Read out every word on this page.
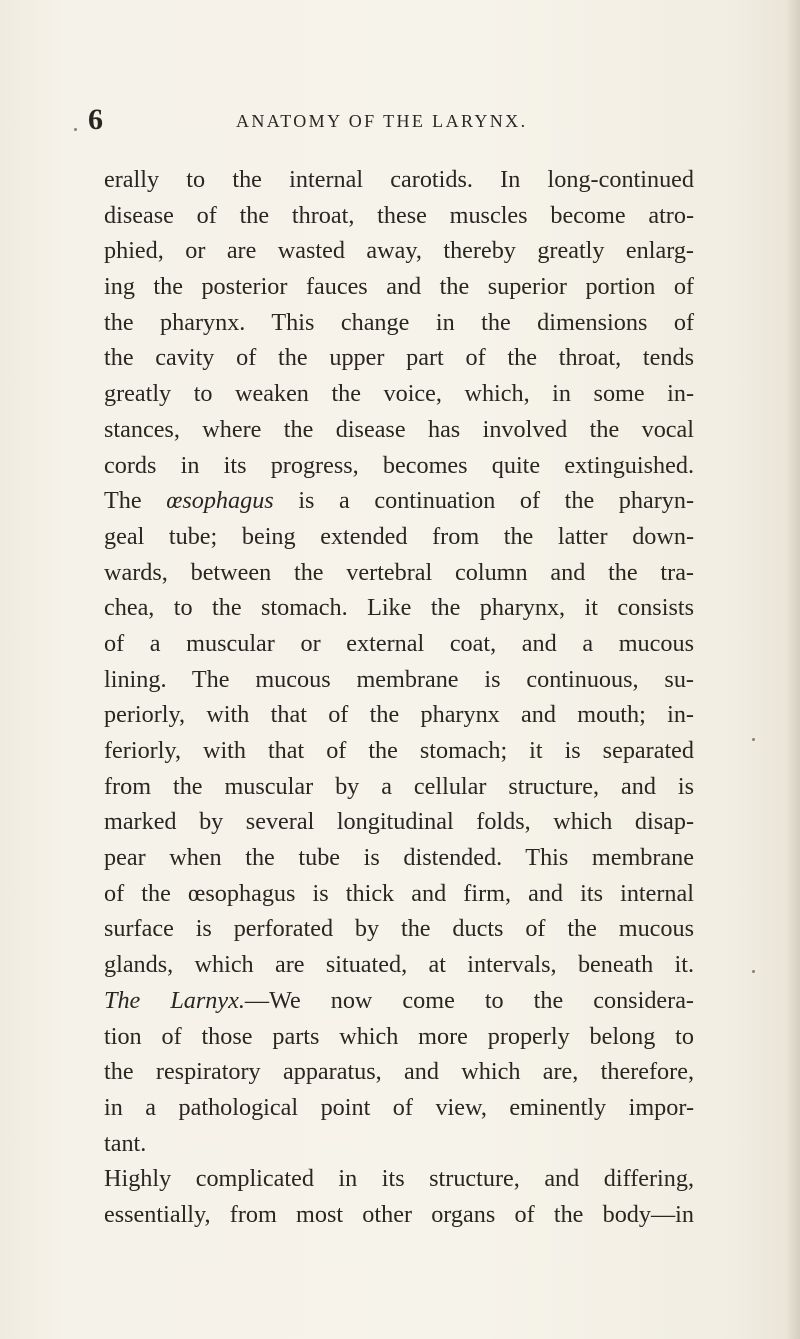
6	ANATOMY OF THE LARYNX.
erally to the internal carotids. In long-continued
disease of the throat, these muscles become atro-
phied, or are wasted away, thereby greatly enlarg-
ing the posterior fauces and the superior portion of
the pharynx. This change in the dimensions of
the cavity of the upper part of the throat, tends
greatly to weaken the voice, which, in some in-
stances, where the disease has involved the vocal
cords in its progress, becomes quite extinguished.
The œsophagus is a continuation of the pharyn-
geal tube; being extended from the latter down-
wards, between the vertebral column and the tra-
chea, to the stomach. Like the pharynx, it consists
of a muscular or external coat, and a mucous
lining. The mucous membrane is continuous, su-
periorly, with that of the pharynx and mouth; in-
feriorly, with that of the stomach; it is separated
from the muscular by a cellular structure, and is
marked by several longitudinal folds, which disap-
pear when the tube is distended. This membrane
of the œsophagus is thick and firm, and its internal
surface is perforated by the ducts of the mucous
glands, which are situated, at intervals, beneath it.
The Larnyx.—We now come to the considera-
tion of those parts which more properly belong to
the respiratory apparatus, and which are, therefore,
in a pathological point of view, eminently impor-
tant.
Highly complicated in its structure, and differing,
essentially, from most other organs of the body—in
